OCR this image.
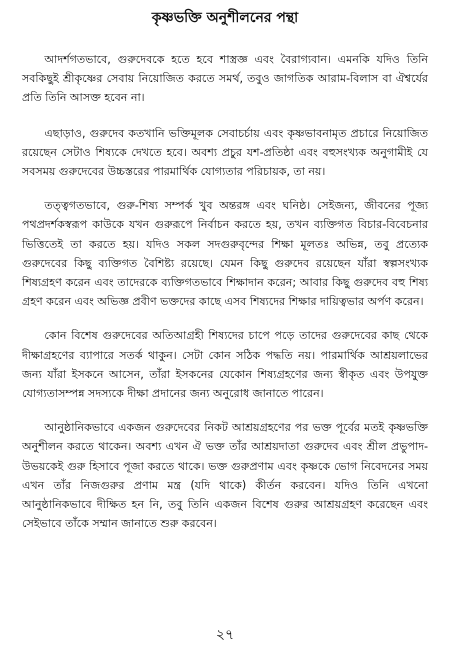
কৃষ্ণভক্তি অনুশীলনের পন্থা

আদর্শগতভাবে, গুরুদেবকে হতে হবে শাস্ত্রজ্ঞ এবং বৈরাগ্যবান। এমনকি যদিও তিনি সবকিছুই শ্রীকৃষ্ণের সেবায় নিয়োজিত করতে সমর্থ, তবুও জাগতিক আরাম-বিলাস বা ঐশ্বর্যের প্রতি তিনি আসক্ত হবেন না।

এছাড়াও, গুরুদেব কতখানি ভক্তিমূলক সেবাচর্চায় এবং কৃষ্ণভাবনামৃত প্রচারে নিয়োজিত রয়েছেন সেটাও শিষ্যকে দেখতে হবে। অবশ্য প্রচুর যশ-প্রতিষ্ঠা এবং বহুসংখ্যক অনুগামীই যে সবসময় গুরুদেবের উচ্চস্তরের পারমার্থিক যোগ্যতার পরিচায়ক, তা নয়।

তত্ত্বগতভাবে, গুরু-শিষ্য সম্পর্ক খুব অন্তরঙ্গ এবং ঘনিষ্ঠ। সেইজন্য, জীবনের পূজ্য পথপ্রদর্শকস্বরূপ কাউকে যখন গুরুরূপে নির্বাচন করতে হয়, তখন ব্যক্তিগত বিচার-বিবেচনার ভিত্তিতেই তা করতে হয়। যদিও সকল সদগুরুবৃন্দের শিক্ষা মূলতঃ অভিন্ন, তবু প্রত্যেক গুরুদেবের কিছু ব্যক্তিগত বৈশিষ্ট্য রয়েছে। যেমন কিছু গুরুদেব রয়েছেন যাঁরা স্বল্পসংখ্যক শিষ্যগ্রহণ করেন এবং তাদেরকে ব্যক্তিগতভাবে শিক্ষাদান করেন; আবার কিছু গুরুদেব বহু শিষ্য গ্রহণ করেন এবং অভিজ্ঞ প্রবীণ ভক্তদের কাছে এসব শিষ্যদের শিক্ষার দায়িত্বভার অর্পণ করেন।

কোন বিশেষ গুরুদেবের অতিআগ্রহী শিষ্যদের চাপে পড়ে তাদের গুরুদেবের কাছ থেকে দীক্ষাগ্রহণের ব্যাপারে সতর্ক থাকুন। সেটা কোন সঠিক পদ্ধতি নয়। পারমার্থিক আশ্রয়লাভের জন্য যাঁরা ইসকনে আসেন, তাঁরা ইসকনের যেকোন শিষ্যগ্রহণের জন্য স্বীকৃত এবং উপযুক্ত যোগ্যতাসম্পন্ন সদস্যকে দীক্ষা প্রদানের জন্য অনুরোধ জানাতে পারেন।

আনুষ্ঠানিকভাবে একজন গুরুদেবের নিকট আশ্রয়গ্রহণের পর ভক্ত পূর্বের মতই কৃষ্ণভক্তি অনুশীলন করতে থাকেন। অবশ্য এখন ঐ ভক্ত তাঁর আশ্রয়দাতা গুরুদেব এবং শ্রীল প্রভুপাদ- উভয়কেই গুরু হিসাবে পূজা করতে থাকে। ভক্ত গুরুপ্রণাম এবং কৃষ্ণকে ভোগ নিবেদনের সময় এখন তাঁর নিজগুরুর প্রণাম মন্ত্র (যদি থাকে) কীর্তন করবেন। যদিও তিনি এখনো আনুষ্ঠানিকভাবে দীক্ষিত হন নি, তবু তিনি একজন বিশেষ গুরুর আশ্রয়গ্রহণ করেছেন এবং সেইভাবে তাঁকে সম্মান জানাতে শুরু করবেন।

২৭
